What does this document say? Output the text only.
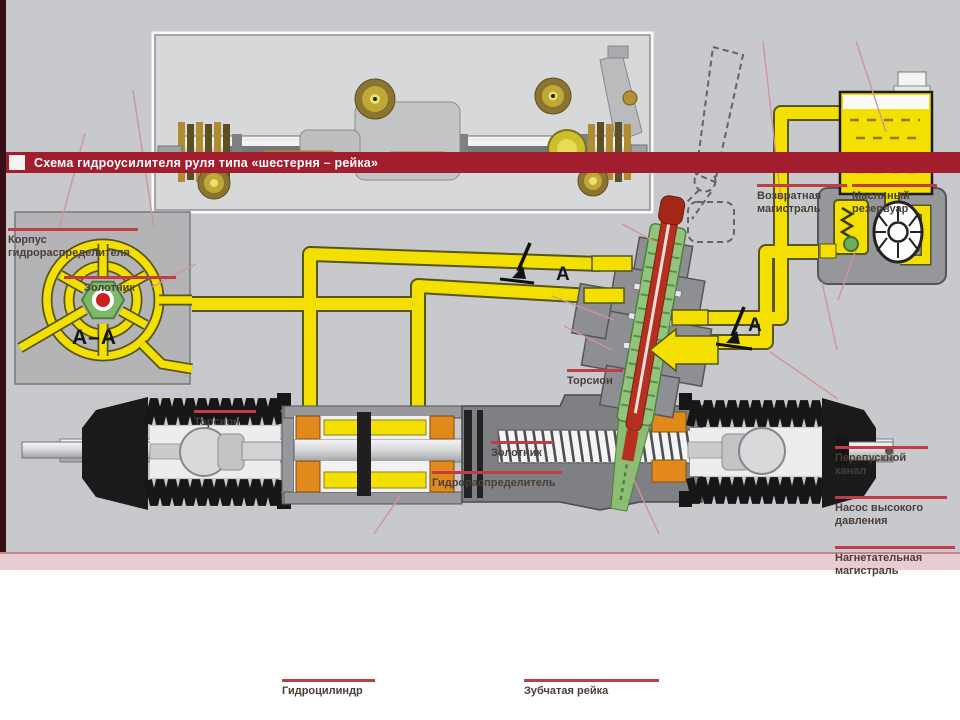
А
А
Схема гидроусилителя руля типа «шестерня – рейка»
Корпус гидрораспределителя
Золотник
А–А
Торсион
Возвратная магистраль
Масляный резервуар
Торсион
Золотник
Гидрораспределитель
Перепускной канал
Насос высокого давления
Нагнетательная магистраль
Гидроцилиндр	Зубчатая рейка
